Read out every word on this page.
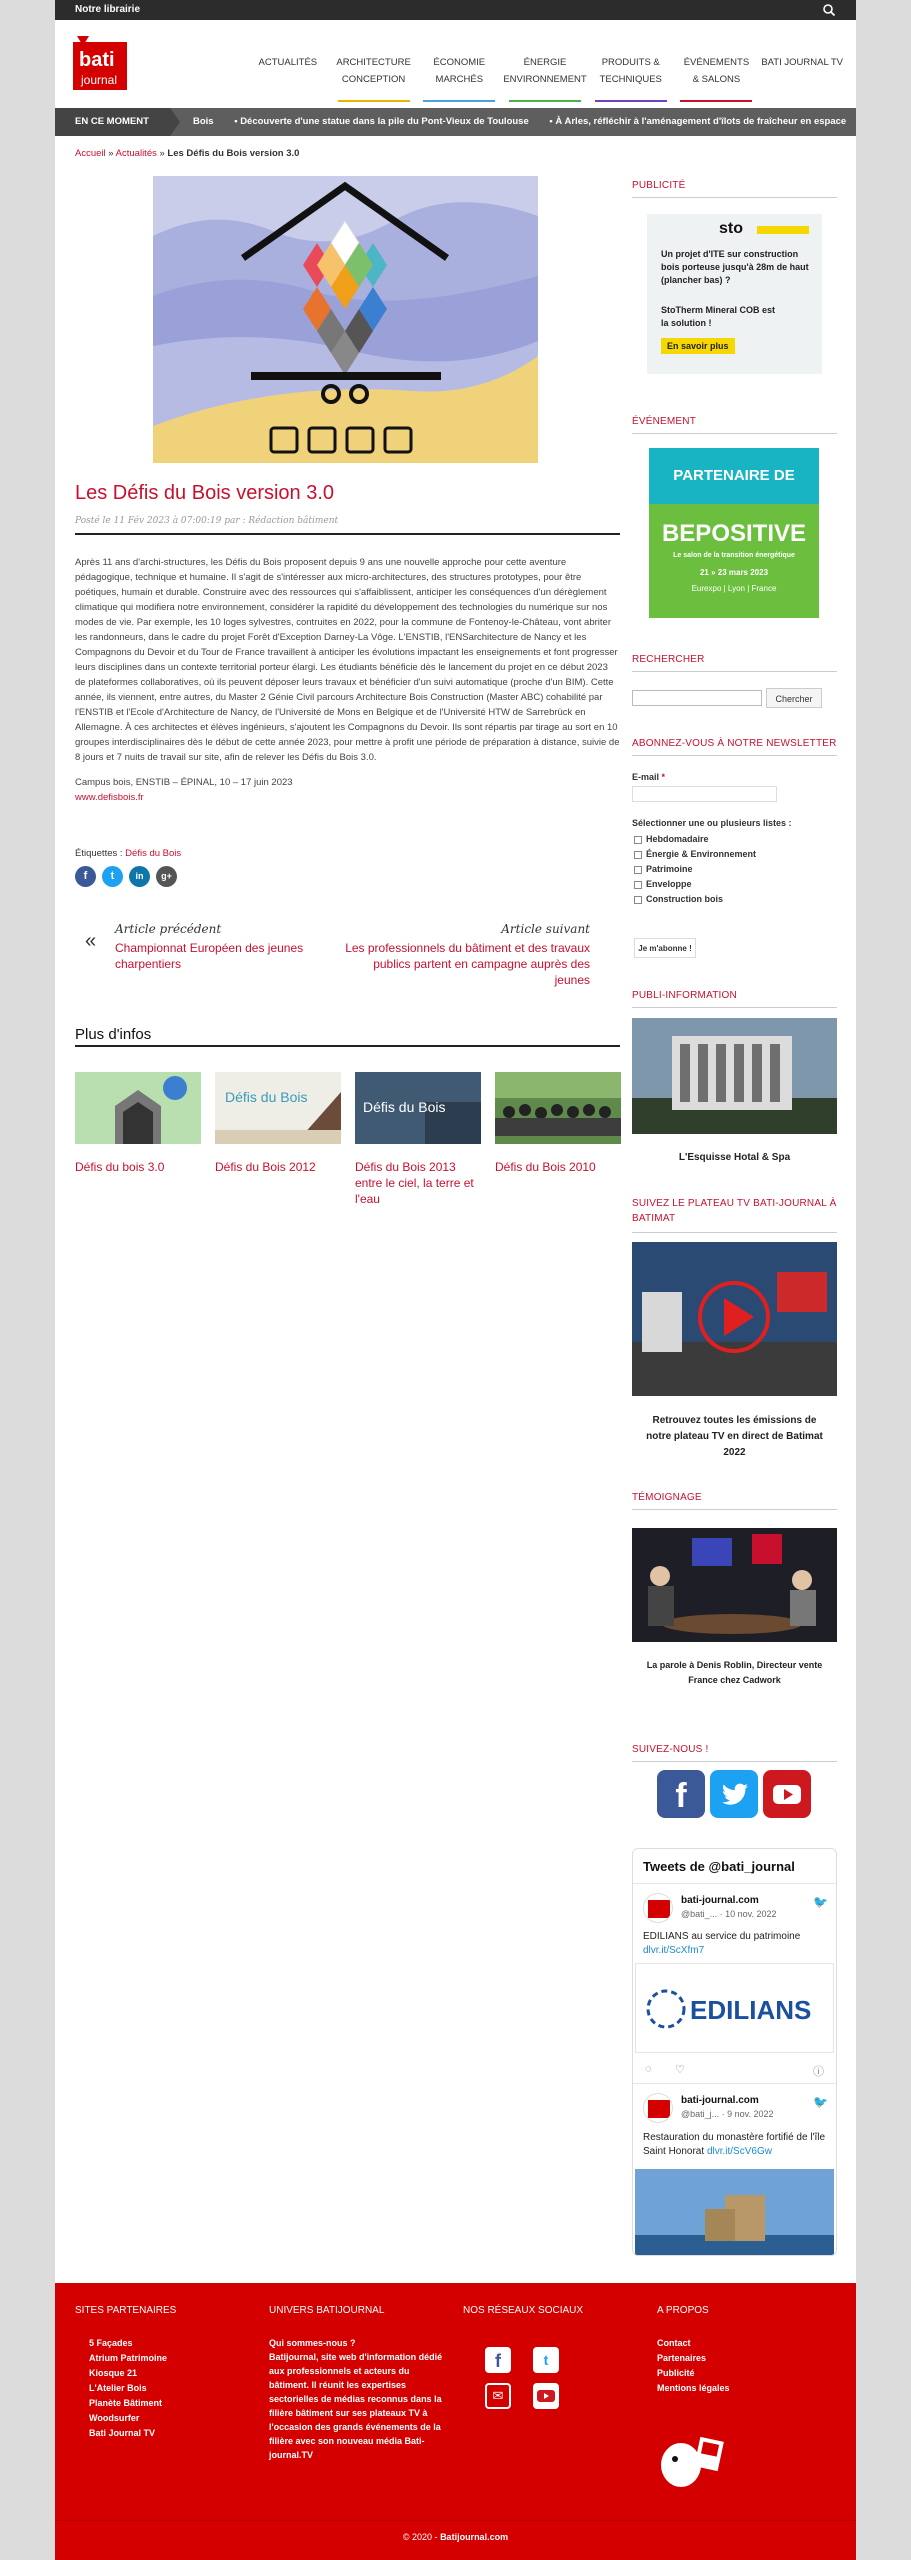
Notre librairie
bati
journal
ACTUALITÉS	ARCHITECTURE
CONCEPTION
ÉCONOMIE
MARCHÉS
ÉNERGIE
ENVIRONNEMENT
PRODUITS &
TECHNIQUES
ÉVÉNEMENTS
& SALONS
BATI JOURNAL TV
EN CE MOMENT	Bois • Découverte d'une statue dans la pile du Pont-Vieux de Toulouse • À Arles, réfléchir à l'aménagement d'îlots de fraîcheur en espace
Accueil » Actualités » Les Défis du Bois version 3.0
Les Défis du Bois version 3.0
Posté le 11 Fév 2023 à 07:00:19 par : Rédaction bâtiment

Après 11 ans d'archi-structures, les Défis du Bois proposent depuis 9 ans une nouvelle approche pour cette aventure pédagogique, technique et humaine. Il s'agit de s'intéresser aux micro-architectures, des structures prototypes, pour être poétiques, humain et durable. Construire avec des ressources qui s'affaiblissent, anticiper les conséquences d'un dérèglement climatique qui modifiera notre environnement, considérer la rapidité du développement des technologies du numérique sur nos modes de vie. Par exemple, les 10 loges sylvestres, contruites en 2022, pour la commune de Fontenoy-le-Château, vont abriter les randonneurs, dans le cadre du projet Forêt d'Exception Darney-La Vôge. L'ENSTIB, l'ENSarchitecture de Nancy et les Compagnons du Devoir et du Tour de France travaillent à anticiper les évolutions impactant les enseignements et font progresser leurs disciplines dans un contexte territorial porteur élargi. Les étudiants bénéficie dès le lancement du projet en ce début 2023 de plateformes collaboratives, où ils peuvent déposer leurs travaux et bénéficier d'un suivi automatique (proche d'un BIM). Cette année, ils viennent, entre autres, du Master 2 Génie Civil parcours Architecture Bois Construction (Master ABC) cohabilité par l'ENSTIB et l'Ecole d'Architecture de Nancy, de l'Université de Mons en Belgique et de l'Université HTW de Sarrebrück en Allemagne. À ces architectes et élèves ingénieurs, s'ajoutent les Compagnons du Devoir. Ils sont répartis par tirage au sort en 10 groupes interdisciplinaires dès le début de cette année 2023, pour mettre à profit une période de préparation à distance, suivie de 8 jours et 7 nuits de travail sur site, afin de relever les Défis du Bois 3.0.

Campus bois, ENSTIB – ÉPINAL, 10 – 17 juin 2023

www.defisbois.fr
Étiquettes : Défis du Bois
f	t	in	g+
«
Article précédent
Championnat Européen des jeunes charpentiers
Article suivant
Les professionnels du bâtiment et des travaux publics partent en campagne auprès des jeunes
Plus d'infos
Défis du bois 3.0
Défis du Bois
Défis du Bois 2012
Défis du Bois
Défis du Bois 2013 entre le ciel, la terre et l'eau
Défis du Bois 2010
PUBLICITÉ
sto
Un projet d'ITE sur construction bois porteuse jusqu'à 28m de haut (plancher bas) ?
StoTherm Mineral COB est la solution !
En savoir plus
ÉVÉNEMENT
PARTENAIRE DE
BEPOSITIVE
Le salon de la transition énergétique
21 » 23 mars 2023
Eurexpo | Lyon | France
RECHERCHER
Chercher
ABONNEZ-VOUS À NOTRE NEWSLETTER
E-mail *
Sélectionner une ou plusieurs listes :
Hebdomadaire
Énergie & Environnement
Patrimoine
Enveloppe
Construction bois
Je m'abonne !
PUBLI-INFORMATION
L'Esquisse Hotal & Spa
SUIVEZ LE PLATEAU TV BATI-JOURNAL À BATIMAT
Retrouvez toutes les émissions de notre plateau TV en direct de Batimat 2022
TÉMOIGNAGE
La parole à Denis Roblin, Directeur vente France chez Cadwork
SUIVEZ-NOUS !
f
Tweets de @bati_journal
bati-journal.com
@bati_... · 10 nov. 2022
🐦
EDILIANS au service du patrimoine
dlvr.it/ScXfm7
EDILIANS
◌ ♡	ⓘ
bati-journal.com
@bati_j... · 9 nov. 2022
🐦
Restauration du monastère fortifié de l'île Saint Honorat dlvr.it/ScV6Gw
SITES PARTENAIRES
5 Façades
Atrium Patrimoine
Kiosque 21
L'Atelier Bois
Planète Bâtiment
Woodsurfer
Bati Journal TV
UNIVERS BATIJOURNAL
Qui sommes-nous ?
Batijournal, site web d'information dédié aux professionnels et acteurs du bâtiment. Il réunit les expertises sectorielles de médias reconnus dans la filière bâtiment sur ses plateaux TV à l'occasion des grands événements de la filière avec son nouveau média Bati-journal.TV
NOS RÉSEAUX SOCIAUX
f	t
✉
A PROPOS
Contact
Partenaires
Publicité
Mentions légales
© 2020 - Batijournal.com
